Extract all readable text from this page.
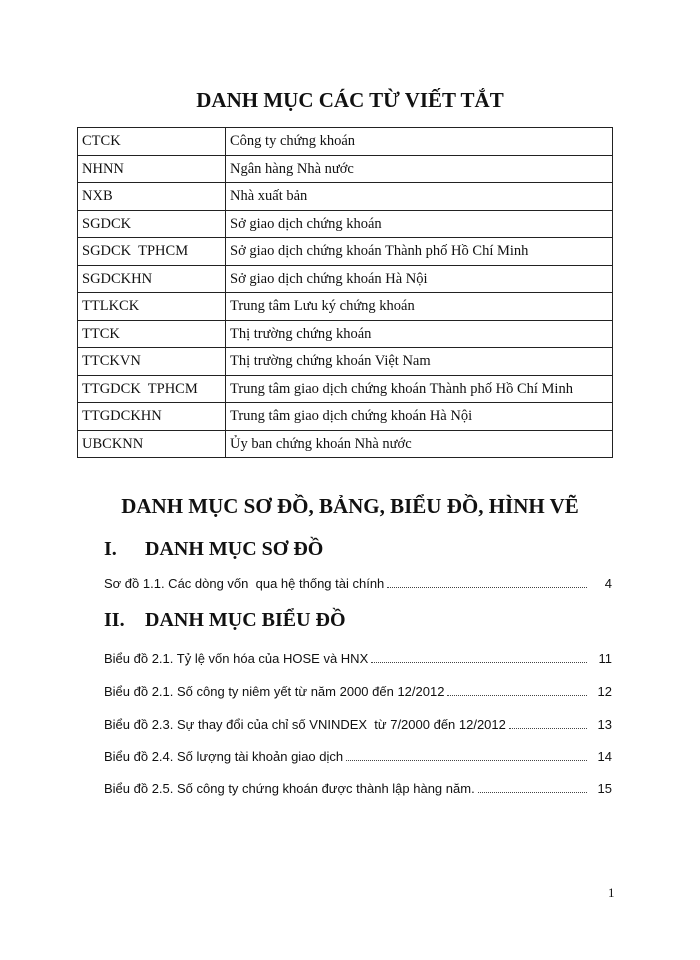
DANH MỤC CÁC TỪ VIẾT TẮT
CTCK	Công ty chứng khoán
NHNN	Ngân hàng Nhà nước
NXB	Nhà xuất bản
SGDCK	Sở giao dịch chứng khoán
SGDCK  TPHCM	Sở giao dịch chứng khoán Thành phố Hồ Chí Minh
SGDCKHN	Sở giao dịch chứng khoán Hà Nội
TTLKCK	Trung tâm Lưu ký chứng khoán
TTCK	Thị trường chứng khoán
TTCKVN	Thị trường chứng khoán Việt Nam
TTGDCK  TPHCM	Trung tâm giao dịch chứng khoán Thành phố Hồ Chí Minh
TTGDCKHN	Trung tâm giao dịch chứng khoán Hà Nội
UBCKNN	Ủy ban chứng khoán Nhà nước
DANH MỤC SƠ ĐỒ, BẢNG, BIỂU ĐỒ, HÌNH VẼ
I. DANH MỤC SƠ ĐỒ
Sơ đồ 1.1. Các dòng vốn  qua hệ thống tài chính	4
II. DANH MỤC BIỂU ĐỒ
Biểu đồ 2.1. Tỷ lệ vốn hóa của HOSE và HNX	11
Biểu đồ 2.1. Số công ty niêm yết từ năm 2000 đến 12/2012	12
Biểu đồ 2.3. Sự thay đổi của chỉ số VNINDEX  từ 7/2000 đến 12/2012	13
Biểu đồ 2.4. Số lượng tài khoản giao dịch	14
Biểu đồ 2.5. Số công ty chứng khoán được thành lập hàng năm.	15
1
